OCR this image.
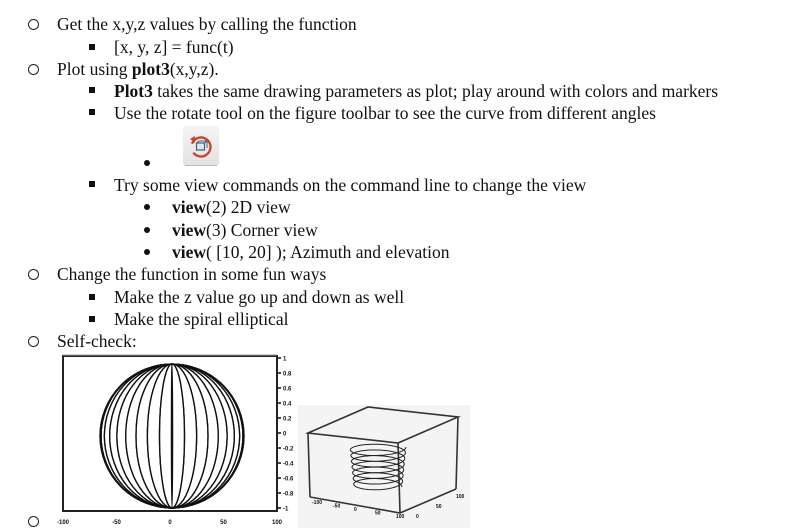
Get the x,y,z values by calling the function
[x, y, z] = func(t)
Plot using plot3(x,y,z).
Plot3 takes the same drawing parameters as plot; play around with colors and markers
Use the rotate tool on the figure toolbar to see the curve from different angles
Try some view commands on the command line to change the view
view(2) 2D view
view(3) Corner view
view( [10, 20] ); Azimuth and elevation
Change the function in some fun ways
Make the z value go up and down as well
Make the spiral elliptical
Self-check:
-100	-50	0	50	100
1
0.8
0.6
0.4
0.2
0
-0.2
-0.4
-0.6
-0.8
-1
-100
-50
0
50
100 0
50
100
